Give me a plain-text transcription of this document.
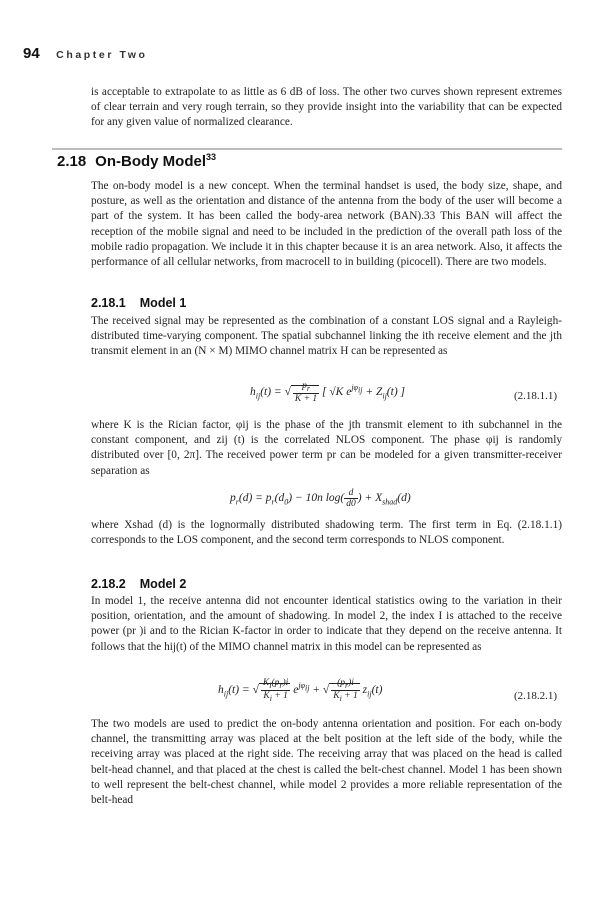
94 Chapter Two

is acceptable to extrapolate to as little as 6 dB of loss. The other two curves shown represent extremes of clear terrain and very rough terrain, so they provide insight into the variability that can be expected for any given value of normalized clearance.

2.18 On-Body Model$^{33}$

The on-body model is a new concept. When the terminal handset is used, the body size, shape, and posture, as well as the orientation and distance of the antenna from the body of the user will become a part of the system. It has been called the body-area network (BAN).33 This BAN will affect the reception of the mobile signal and need to be included in the prediction of the overall path loss of the mobile radio propagation. We include it in this chapter because it is an area network. Also, it affects the performance of all cellular networks, from macrocell to in building (picocell). There are two models.

2.18.1 Model 1

The received signal may be represented as the combination of a constant LOS signal and a Rayleigh-distributed time-varying component. The spatial subchannel linking the ith receive element and the jth transmit element in an (N × M) MIMO channel matrix H can be represented as

$h_{ij}(t)$ = √ $\frac{p_r}{K + 1}$ [ √K $e^{j\varphi_{ij}} + Z_{ij}(t)$ ]	(2.18.1.1)

where K is the Rician factor, φij is the phase of the jth transmit element to ith subchannel in the constant component, and zij (t) is the correlated NLOS component. The phase φij is randomly distributed over [0, 2π]. The received power term pr can be modeled for a given transmitter-receiver separation as

$p_r(d) = p_r(d_0) - 10n$ $\log( \frac{d}{d0}$ ) + $X_{shad}(d)$

where Xshad (d) is the lognormally distributed shadowing term. The first term in Eq. (2.18.1.1) corresponds to the LOS component, and the second term corresponds to NLOS component.

2.18.2 Model 2

In model 1, the receive antenna did not encounter identical statistics owing to the variation in their position, orientation, and the amount of shadowing. In model 2, the index I is attached to the receive power (pr )i and to the Rician K-factor in order to indicate that they depend on the receive antenna. It follows that the hij(t) of the MIMO channel matrix in this model can be represented as

$h_{ij}(t)$ = √ $\frac{K_i(p_r)i}{K_i + 1} e^{j\varphi_{ij}}$ + √ $\frac{(p_r)i}{K_i + 1} z_{ij}(t)$	(2.18.2.1)

The two models are used to predict the on-body antenna orientation and position. For each on-body channel, the transmitting array was placed at the belt position at the left side of the body, while the receiving array was placed at the right side. The receiving array that was placed on the head is called belt-head channel, and that placed at the chest is called the belt-chest channel. Model 1 has been shown to well represent the belt-chest channel, while model 2 provides a more reliable representation of the belt-head
